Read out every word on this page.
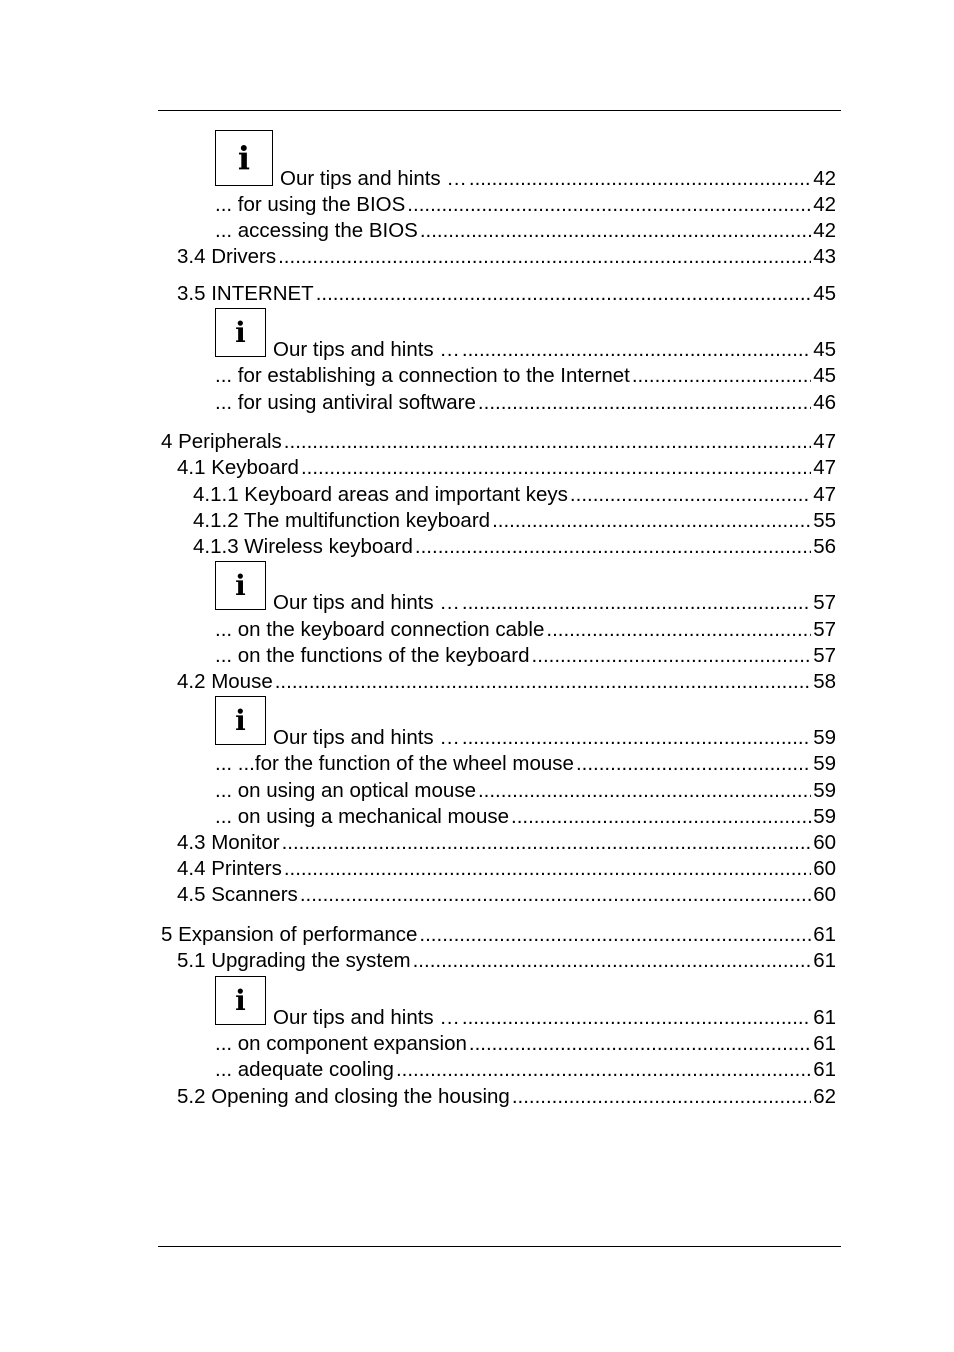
i
Our tips and hints … .....	42
... for using the BIOS .....	42
... accessing the BIOS .....	42
3.4 Drivers .....	43
3.5 INTERNET .....	45
i
Our tips and hints … .....	45
... for establishing a connection to the Internet .....	45
... for using antiviral software .....	46
4 Peripherals .....	47
4.1 Keyboard .....	47
4.1.1 Keyboard areas and important keys .....	47
4.1.2 The multifunction keyboard .....	55
4.1.3 Wireless keyboard .....	56
i
Our tips and hints … .....	57
... on the keyboard connection cable .....	57
... on the functions of the keyboard .....	57
4.2 Mouse .....	58
i
Our tips and hints … .....	59
... ...for the function of the wheel mouse .....	59
... on using an optical mouse .....	59
... on using a mechanical mouse .....	59
4.3 Monitor .....	60
4.4 Printers .....	60
4.5 Scanners .....	60
5 Expansion of performance .....	61
5.1 Upgrading the system .....	61
i
Our tips and hints … .....	61
... on component expansion .....	61
... adequate cooling .....	61
5.2 Opening and closing the housing .....	62
